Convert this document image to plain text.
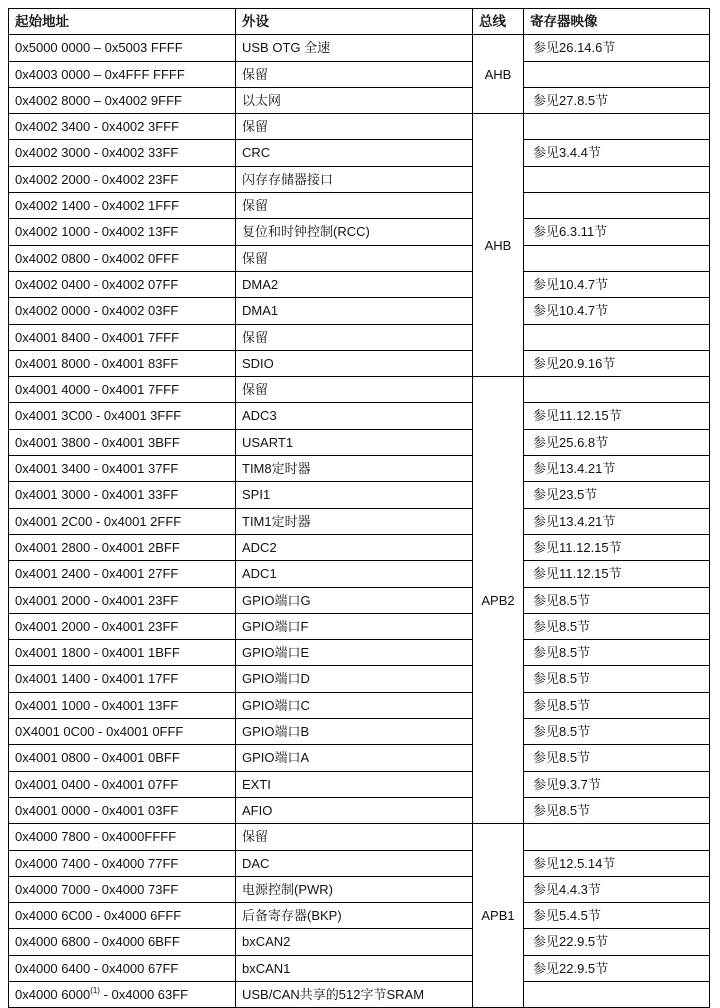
起始地址	外设	总线	寄存器映像
0x5000 0000 – 0x5003 FFFF	USB OTG 全速	AHB	参见26.14.6节
0x4003 0000 – 0x4FFF FFFF	保留		
0x4002 8000 – 0x4002 9FFF	以太网		参见27.8.5节
0x4002 3400 - 0x4002 3FFF	保留	AHB	
0x4002 3000 - 0x4002 33FF	CRC		参见3.4.4节
0x4002 2000 - 0x4002 23FF	闪存存储器接口		
0x4002 1400 - 0x4002 1FFF	保留		
0x4002 1000 - 0x4002 13FF	复位和时钟控制(RCC)		参见6.3.11节
0x4002 0800 - 0x4002 0FFF	保留		
0x4002 0400 - 0x4002 07FF	DMA2		参见10.4.7节
0x4002 0000 - 0x4002 03FF	DMA1		参见10.4.7节
0x4001 8400 - 0x4001 7FFF	保留		
0x4001 8000 - 0x4001 83FF	SDIO		参见20.9.16节
0x4001 4000 - 0x4001 7FFF	保留	APB2	
0x4001 3C00 - 0x4001 3FFF	ADC3		参见11.12.15节
0x4001 3800 - 0x4001 3BFF	USART1		参见25.6.8节
0x4001 3400 - 0x4001 37FF	TIM8定时器		参见13.4.21节
0x4001 3000 - 0x4001 33FF	SPI1		参见23.5节
0x4001 2C00 - 0x4001 2FFF	TIM1定时器		参见13.4.21节
0x4001 2800 - 0x4001 2BFF	ADC2		参见11.12.15节
0x4001 2400 - 0x4001 27FF	ADC1		参见11.12.15节
0x4001 2000 - 0x4001 23FF	GPIO端口G		参见8.5节
0x4001 2000 - 0x4001 23FF	GPIO端口F		参见8.5节
0x4001 1800 - 0x4001 1BFF	GPIO端口E		参见8.5节
0x4001 1400 - 0x4001 17FF	GPIO端口D		参见8.5节
0x4001 1000 - 0x4001 13FF	GPIO端口C		参见8.5节
0X4001 0C00 - 0x4001 0FFF	GPIO端口B		参见8.5节
0x4001 0800 - 0x4001 0BFF	GPIO端口A		参见8.5节
0x4001 0400 - 0x4001 07FF	EXTI		参见9.3.7节
0x4001 0000 - 0x4001 03FF	AFIO		参见8.5节
0x4000 7800 - 0x4000FFFF	保留	APB1	
0x4000 7400 - 0x4000 77FF	DAC		参见12.5.14节
0x4000 7000 - 0x4000 73FF	电源控制(PWR)		参见4.4.3节
0x4000 6C00 - 0x4000 6FFF	后备寄存器(BKP)		参见5.4.5节
0x4000 6800 - 0x4000 6BFF	bxCAN2		参见22.9.5节
0x4000 6400 - 0x4000 67FF	bxCAN1		参见22.9.5节
0x4000 6000$^{(1)}$ - 0x4000 63FF	USB/CAN共享的512字节SRAM		
